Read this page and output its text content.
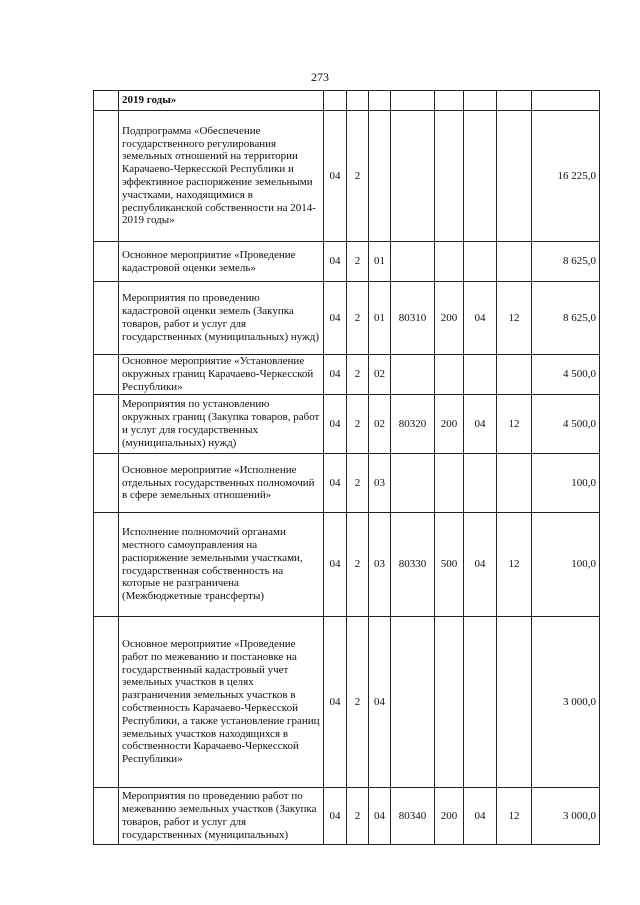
273
	2019 годы»								
	Подпрограмма «Обеспечение государственного регулирования земельных отношений на территории Карачаево-Черкесской Республики и эффективное распоряжение земельными участками, находящимися в республиканской собственности на 2014-2019 годы»	04	2						16 225,0
	Основное мероприятие «Проведение кадастровой оценки земель»	04	2	01					8 625,0
	Мероприятия по проведению кадастровой оценки земель (Закупка товаров, работ и услуг для государственных (муниципальных) нужд)	04	2	01	80310	200	04	12	8 625,0
	Основное мероприятие «Установление окружных границ Карачаево-Черкесской Республики»	04	2	02					4 500,0
	Мероприятия по установлению окружных границ (Закупка товаров, работ и услуг для государственных (муниципальных) нужд)	04	2	02	80320	200	04	12	4 500,0
	Основное мероприятие «Исполнение отдельных государственных полномочий в сфере земельных отношений»	04	2	03					100,0
	Исполнение полномочий органами местного самоуправления на распоряжение земельными участками, государственная собственность на которые не разграничена (Межбюджетные трансферты)	04	2	03	80330	500	04	12	100,0
	Основное мероприятие «Проведение работ по межеванию и постановке на государственный кадастровый учет земельных участков в целях разграничения земельных участков в собственность Карачаево-Черкесской Республики, а также установление границ земельных участков находящихся в собственности Карачаево-Черкесской Республики»	04	2	04					3 000,0
	Мероприятия по проведению работ по межеванию земельных участков (Закупка товаров, работ и услуг для государственных (муниципальных)	04	2	04	80340	200	04	12	3 000,0
